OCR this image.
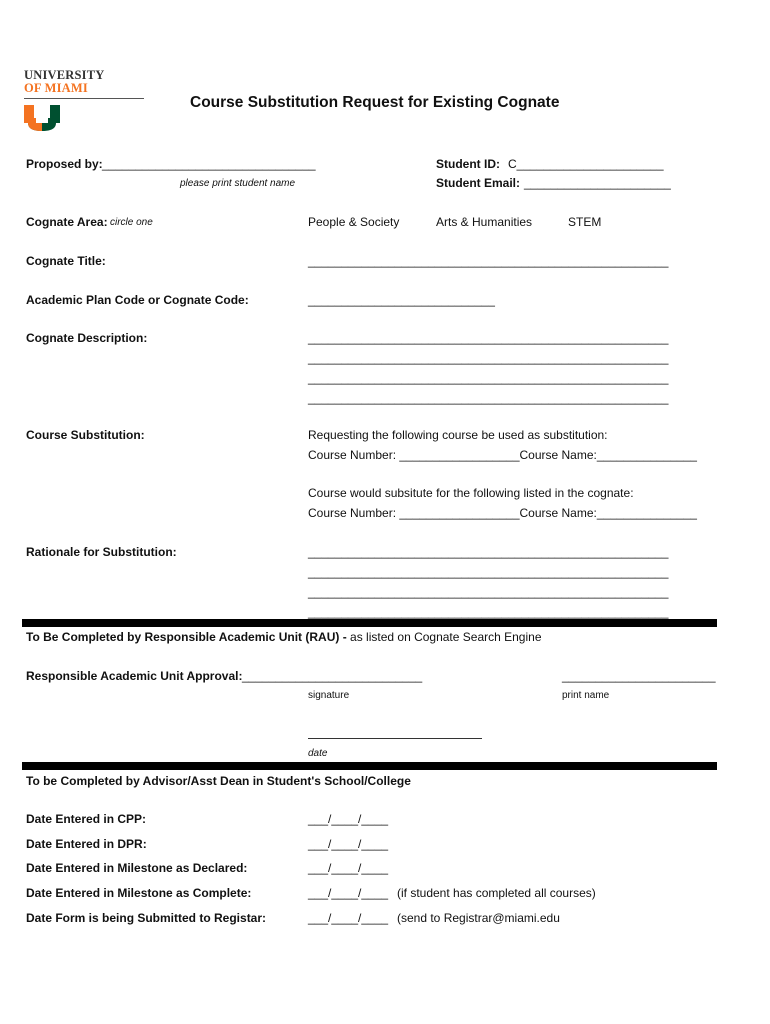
UNIVERSITY
OF MIAMI
Course Substitution Request for Existing Cognate
Proposed by: ________________________________
please print student name
Student ID: C______________________
Student Email: ______________________
Cognate Area: circle one	People & Society	Arts & Humanities	STEM
Cognate Title:	______________________________________________________
Academic Plan Code or Cognate Code:	____________________________
Cognate Description:	______________________________________________________
______________________________________________________
______________________________________________________
______________________________________________________
Course Substitution:	Requesting the following course be used as substitution:
Course Number: __________________Course Name:_______________
Course would subsitute for the following listed in the cognate:
Course Number: __________________Course Name:_______________
Rationale for Substitution:	______________________________________________________
______________________________________________________
______________________________________________________
______________________________________________________
To Be Completed by Responsible Academic Unit (RAU) - as listed on Cognate Search Engine
Responsible Academic Unit Approval: ___________________________	_______________________
signature	print name
date
To be Completed by Advisor/Asst Dean in Student's School/College
Date Entered in CPP:	___/____/____
Date Entered in DPR:	___/____/____
Date Entered in Milestone as Declared:	___/____/____
Date Entered in Milestone as Complete:	___/____/____ (if student has completed all courses)
Date Form is being Submitted to Registar:	___/____/____ (send to Registrar@miami.edu
